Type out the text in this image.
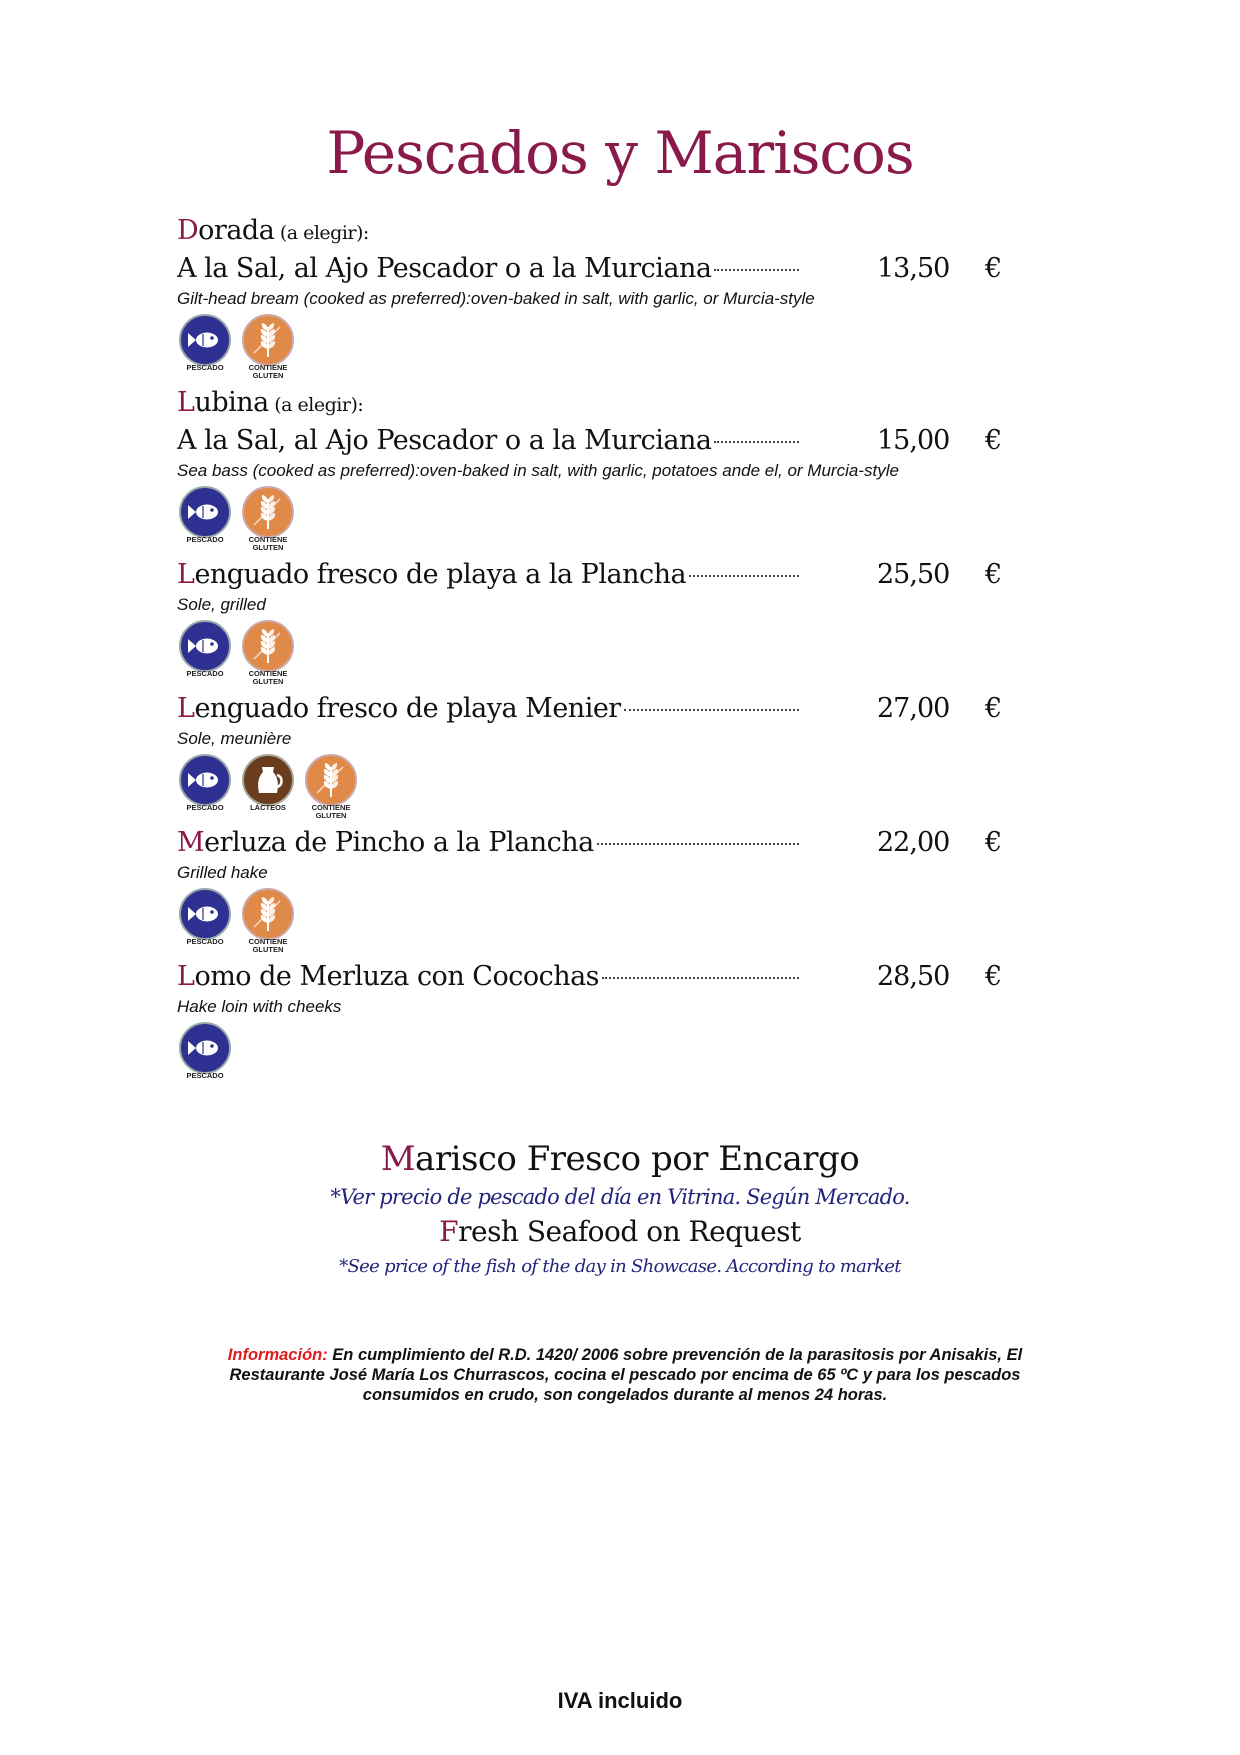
Pescados y Mariscos
Dorada (a elegir):
A la Sal, al Ajo Pescador o a la Murciana	13,50	€
Gilt-head bream (cooked as preferred):oven-baked in salt, with garlic, or Murcia-style
PESCADO	CONTIENE
GLUTEN
Lubina (a elegir):
A la Sal, al Ajo Pescador o a la Murciana	15,00	€
Sea bass (cooked as preferred):oven-baked in salt, with garlic, potatoes ande el, or Murcia-style
PESCADO	CONTIENE
GLUTEN
Lenguado fresco de playa a la Plancha	25,50	€
Sole, grilled
PESCADO	CONTIENE
GLUTEN
Lenguado fresco de playa Menier	27,00	€
Sole, meunière
PESCADO	LÁCTEOS	CONTIENE
GLUTEN
Merluza de Pincho a la Plancha	22,00	€
Grilled hake
PESCADO	CONTIENE
GLUTEN
Lomo de Merluza con Cocochas	28,50	€
Hake loin with cheeks
PESCADO
Marisco Fresco por Encargo
*Ver precio de pescado del día en Vitrina. Según Mercado.
Fresh Seafood on Request
*See price of the fish of the day in Showcase. According to market
Información: En cumplimiento del R.D. 1420/ 2006 sobre prevención de la parasitosis por Anisakis, El Restaurante José María Los Churrascos, cocina el pescado por encima de 65 ºC y para los pescados consumidos en crudo, son congelados durante al menos 24 horas.
IVA incluido
